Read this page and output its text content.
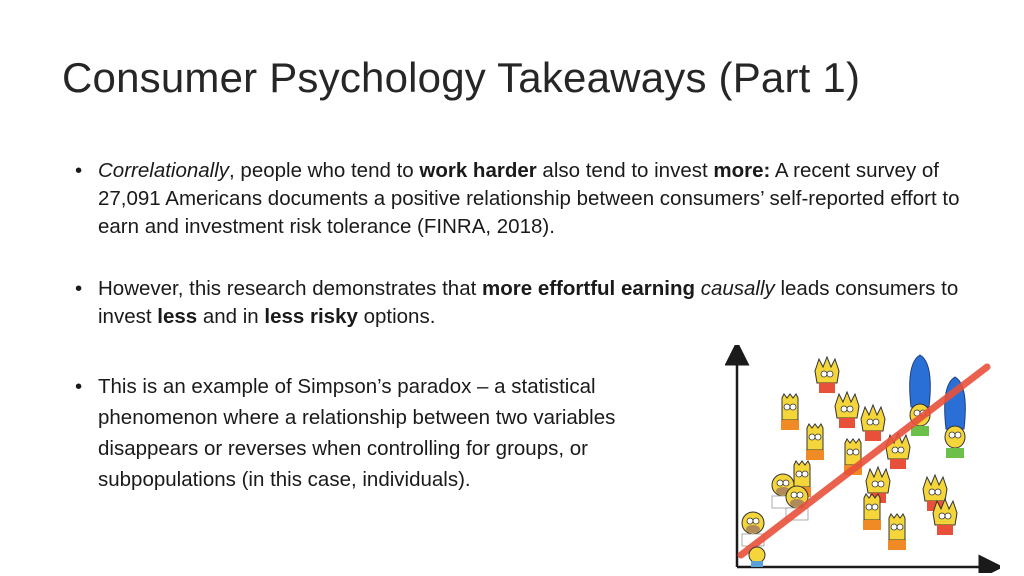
Consumer Psychology Takeaways (Part 1)
• Correlationally, people who tend to work harder also tend to invest more: A recent survey of 27,091 Americans documents a positive relationship between consumers’ self-reported effort to earn and investment risk tolerance (FINRA, 2018).
• However, this research demonstrates that more effortful earning causally leads consumers to invest less and in less risky options.
• This is an example of Simpson’s paradox – a statistical phenomenon where a relationship between two variables disappears or reverses when controlling for groups, or subpopulations (in this case, individuals).
